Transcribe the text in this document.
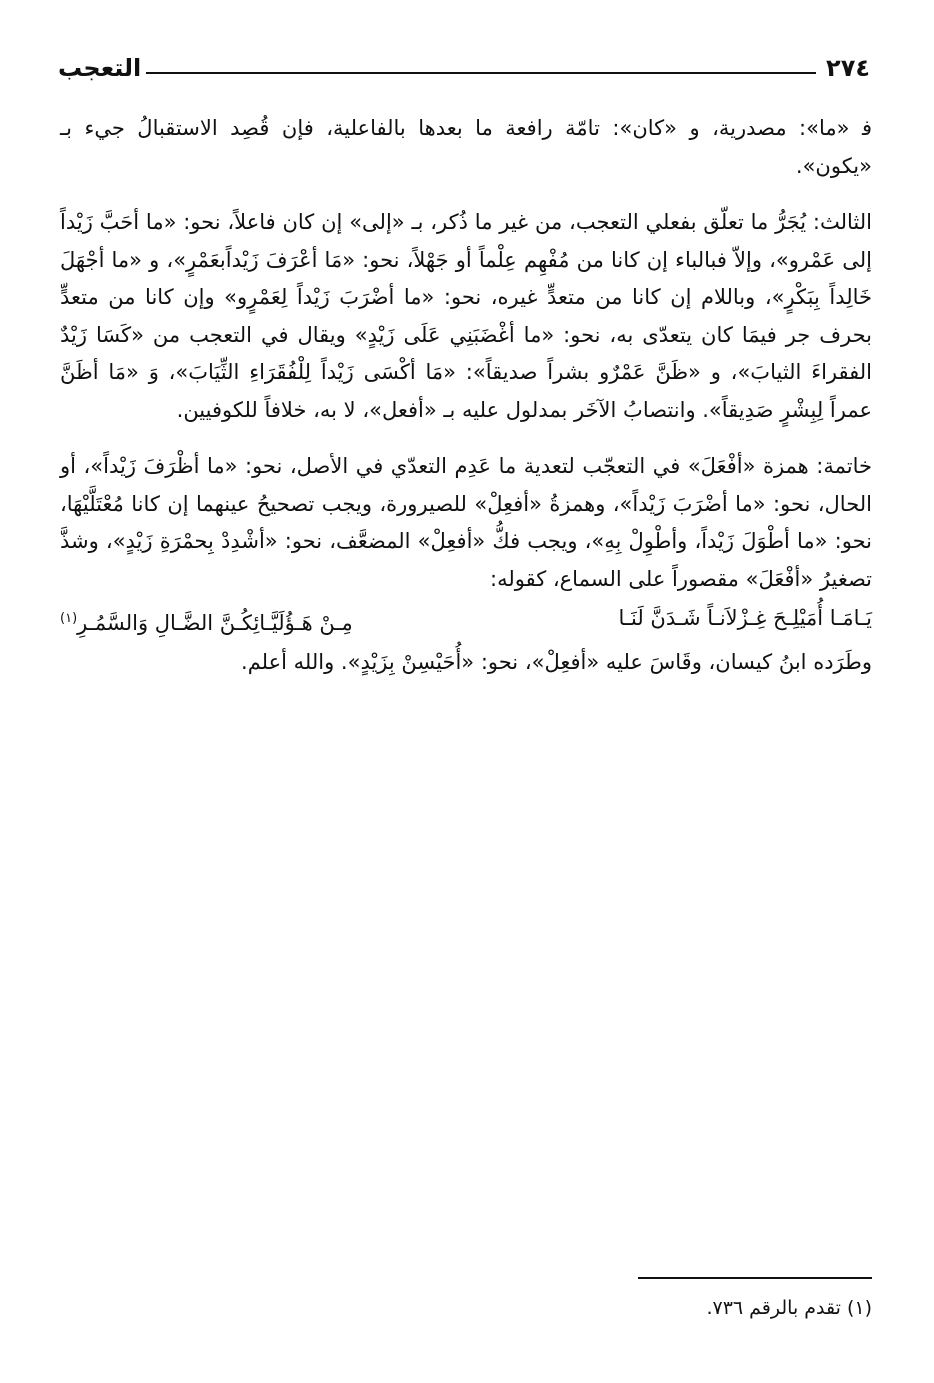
٢٧٤
التعجب

ﻓ «ما»: مصدرية، و «كان»: تامّة رافعة ما بعدها بالفاعلية، فإن قُصِد الاستقبالُ جيء بـ «يكون».

الثالث: يُجَرُّ ما تعلّق بفعلي التعجب، من غير ما ذُكر، بـ «إلى» إن كان فاعلاً، نحو: «ما أحَبَّ زَيْداً إلى عَمْرو»، وإلاّ فبالباء إن كانا من مُفْهِم عِلْماً أو جَهْلاً، نحو: «مَا أعْرَفَ زَيْداًبعَمْرٍ»، و «ما أجْهَلَ خَالِداً بِبَكْرٍ»، وباللام إن كانا من متعدٍّ غيره، نحو: «ما أضْرَبَ زَيْداً لِعَمْرٍو» وإن كانا من متعدٍّ بحرف جر فيمَا كان يتعدّى به، نحو: «ما أغْضَبَنِي عَلَى زَيْدٍ» ويقال في التعجب من «كَسَا زَيْدٌ الفقراءَ الثيابَ»، و «ظَنَّ عَمْرٌو بشراً صديقاً»: «مَا أكْسَى زَيْداً لِلْفُقَرَاءِ الثِّيَابَ»، وَ «مَا أظَنَّ عمراً لِبِشْرٍ صَدِيقاً». وانتصابُ الآخَر بمدلول عليه بـ «أفعل»، لا به، خلافاً للكوفيين.

خاتمة: همزة «أفْعَلَ» في التعجّب لتعدية ما عَدِم التعدّي في الأصل، نحو: «ما أظْرَفَ زَيْداً»، أو الحال، نحو: «ما أضْرَبَ زَيْداً»، وهمزةُ «أفعِلْ» للصيرورة، ويجب تصحيحُ عينهما إن كانا مُعْتَلَّيْهَا، نحو: «ما أطْوَلَ زَيْداً، وأطْوِلْ بِهِ»، ويجب فكُّ «أفعِلْ» المضعَّف، نحو: «أشْدِدْ بِحمْرَةِ زَيْدٍ»، وشذَّ تصغيرُ «أفْعَلَ» مقصوراً على السماع، كقوله:

يَـامَـا أُمَيْلِـحَ غِـزْلاَنـاً شَـدَنَّ لَنَـا
مِـنْ هَـؤُلَيَّـائِكُـنَّ الضَّـالِ وَالسَّمُـرِ$^{(١)}$

وطَرَده ابنُ كيسان، وقَاسَ عليه «أفعِلْ»، نحو: «أُحَيْسِنْ بِزَيْدٍ». والله أعلم.

(١) تقدم بالرقم ٧٣٦.
